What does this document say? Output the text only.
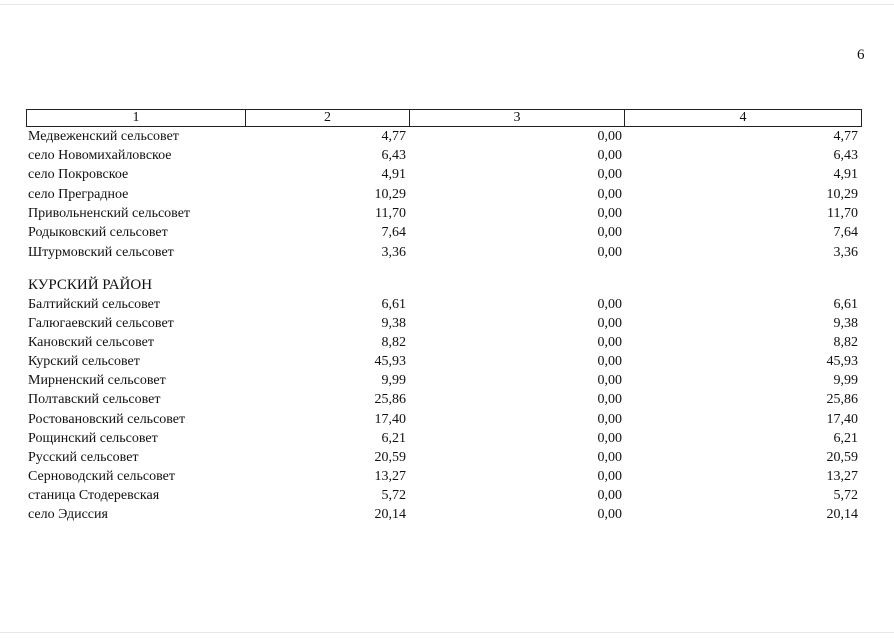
6
1	2	3	4
Медвеженский сельсовет	4,77	0,00	4,77
село Новомихайловское	6,43	0,00	6,43
село Покровское	4,91	0,00	4,91
село Преградное	10,29	0,00	10,29
Привольненский сельсовет	11,70	0,00	11,70
Родыковский сельсовет	7,64	0,00	7,64
Штурмовский сельсовет	3,36	0,00	3,36
КУРСКИЙ РАЙОН
Балтийский сельсовет	6,61	0,00	6,61
Галюгаевский сельсовет	9,38	0,00	9,38
Кановский сельсовет	8,82	0,00	8,82
Курский сельсовет	45,93	0,00	45,93
Мирненский сельсовет	9,99	0,00	9,99
Полтавский сельсовет	25,86	0,00	25,86
Ростовановский сельсовет	17,40	0,00	17,40
Рощинский сельсовет	6,21	0,00	6,21
Русский сельсовет	20,59	0,00	20,59
Серноводский сельсовет	13,27	0,00	13,27
станица Стодеревская	5,72	0,00	5,72
село Эдиссия	20,14	0,00	20,14
